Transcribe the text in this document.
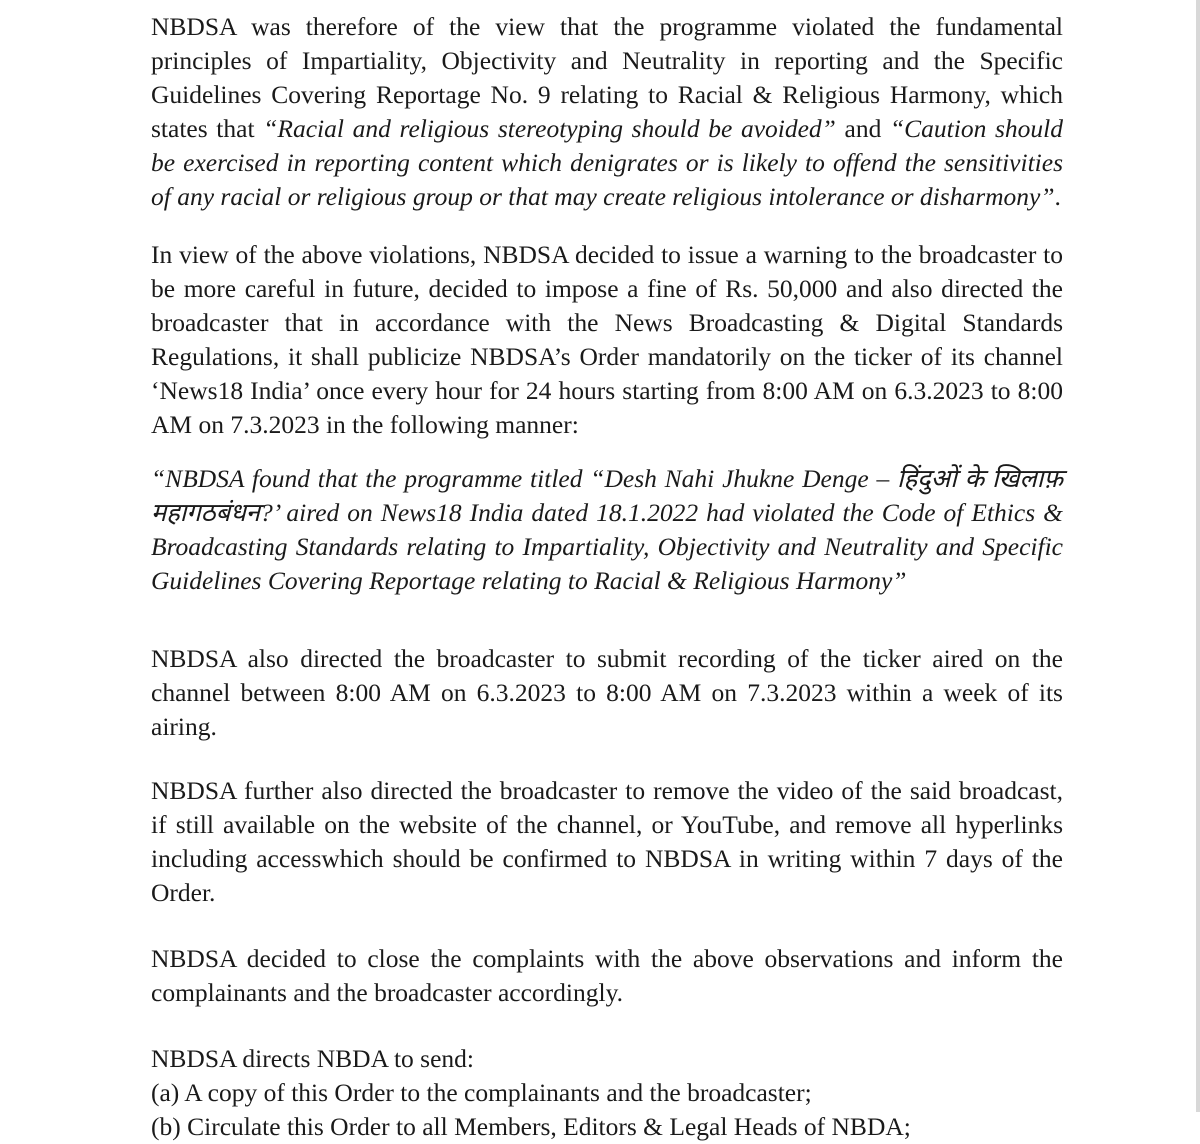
NBDSA was therefore of the view that the programme violated the fundamental principles of Impartiality, Objectivity and Neutrality in reporting and the Specific Guidelines Covering Reportage No. 9 relating to Racial & Religious Harmony, which states that “Racial and religious stereotyping should be avoided” and “Caution should be exercised in reporting content which denigrates or is likely to offend the sensitivities of any racial or religious group or that may create religious intolerance or disharmony”.

In view of the above violations, NBDSA decided to issue a warning to the broadcaster to be more careful in future, decided to impose a fine of Rs. 50,000 and also directed the broadcaster that in accordance with the News Broadcasting & Digital Standards Regulations, it shall publicize NBDSA’s Order mandatorily on the ticker of its channel ‘News18 India’ once every hour for 24 hours starting from 8:00 AM on 6.3.2023 to 8:00 AM on 7.3.2023 in the following manner:

“NBDSA found that the programme titled “Desh Nahi Jhukne Denge – हिंदुओं के खिलाफ़ महागठबंधन?’ aired on News18 India dated 18.1.2022 had violated the Code of Ethics & Broadcasting Standards relating to Impartiality, Objectivity and Neutrality and Specific Guidelines Covering Reportage relating to Racial & Religious Harmony”

NBDSA also directed the broadcaster to submit recording of the ticker aired on the channel between 8:00 AM on 6.3.2023 to 8:00 AM on 7.3.2023 within a week of its airing.

NBDSA further also directed the broadcaster to remove the video of the said broadcast, if still available on the website of the channel, or YouTube, and remove all hyperlinks including accesswhich should be confirmed to NBDSA in writing within 7 days of the Order.

NBDSA decided to close the complaints with the above observations and inform the complainants and the broadcaster accordingly.

NBDSA directs NBDA to send:

(a) A copy of this Order to the complainants and the broadcaster;
(b) Circulate this Order to all Members, Editors & Legal Heads of NBDA;
